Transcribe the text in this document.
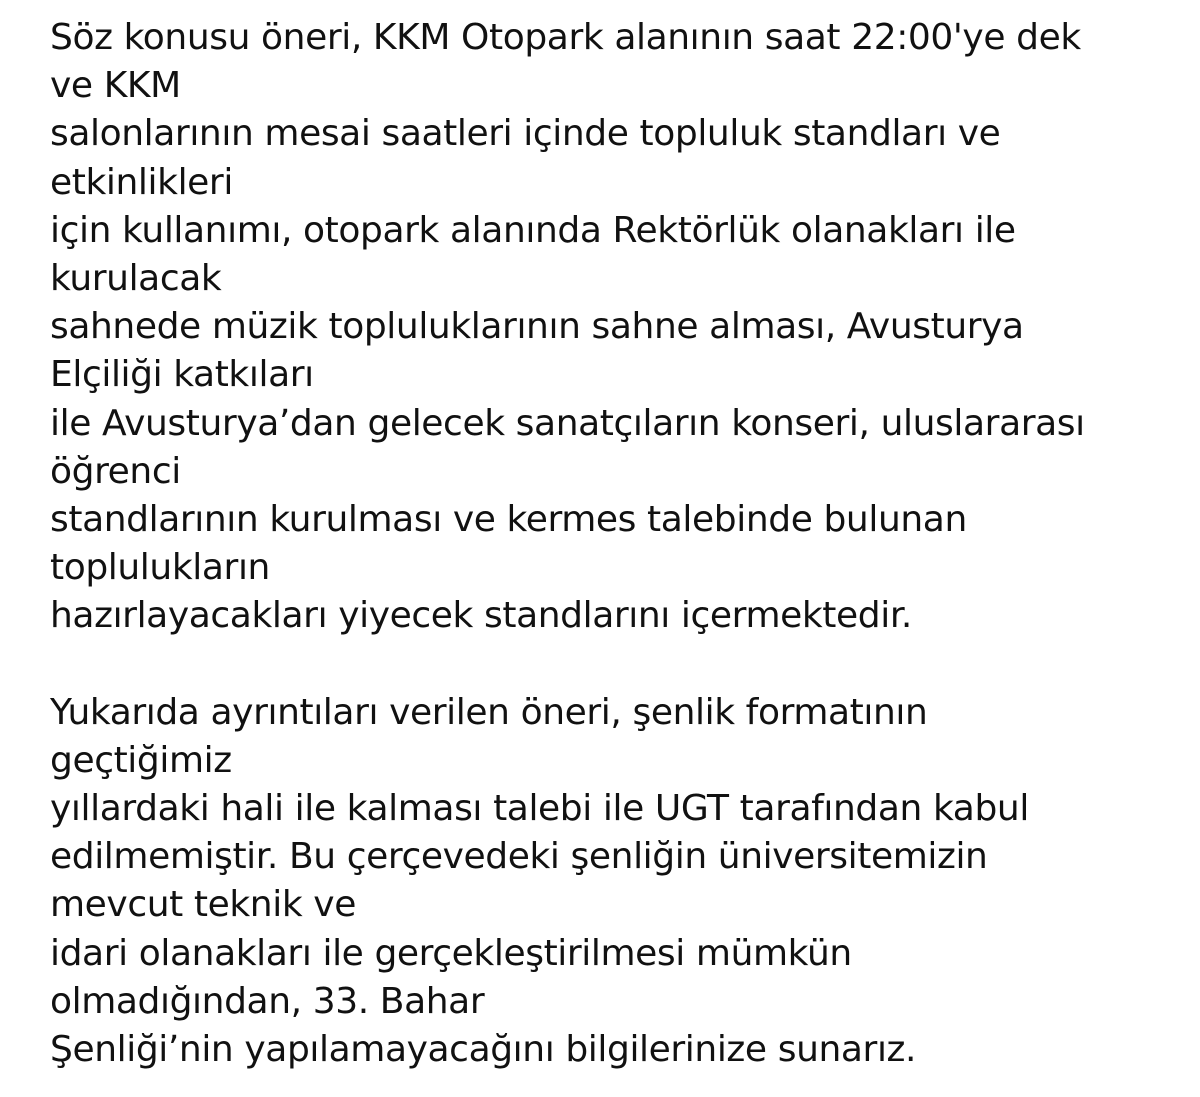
Söz konusu öneri, KKM Otopark alanının saat 22:00'ye dek
ve KKM
salonlarının mesai saatleri içinde topluluk standları ve
etkinlikleri
için kullanımı, otopark alanında Rektörlük olanakları ile
kurulacak
sahnede müzik topluluklarının sahne alması, Avusturya
Elçiliği katkıları
ile Avusturya’dan gelecek sanatçıların konseri, uluslararası
öğrenci
standlarının kurulması ve kermes talebinde bulunan
toplulukların
hazırlayacakları yiyecek standlarını içermektedir.
Yukarıda ayrıntıları verilen öneri, şenlik formatının
geçtiğimiz
yıllardaki hali ile kalması talebi ile UGT tarafından kabul
edilmemiştir. Bu çerçevedeki şenliğin üniversitemizin
mevcut teknik ve
idari olanakları ile gerçekleştirilmesi mümkün
olmadığından, 33. Bahar
Şenliği’nin yapılamayacağını bilgilerinize sunarız.
